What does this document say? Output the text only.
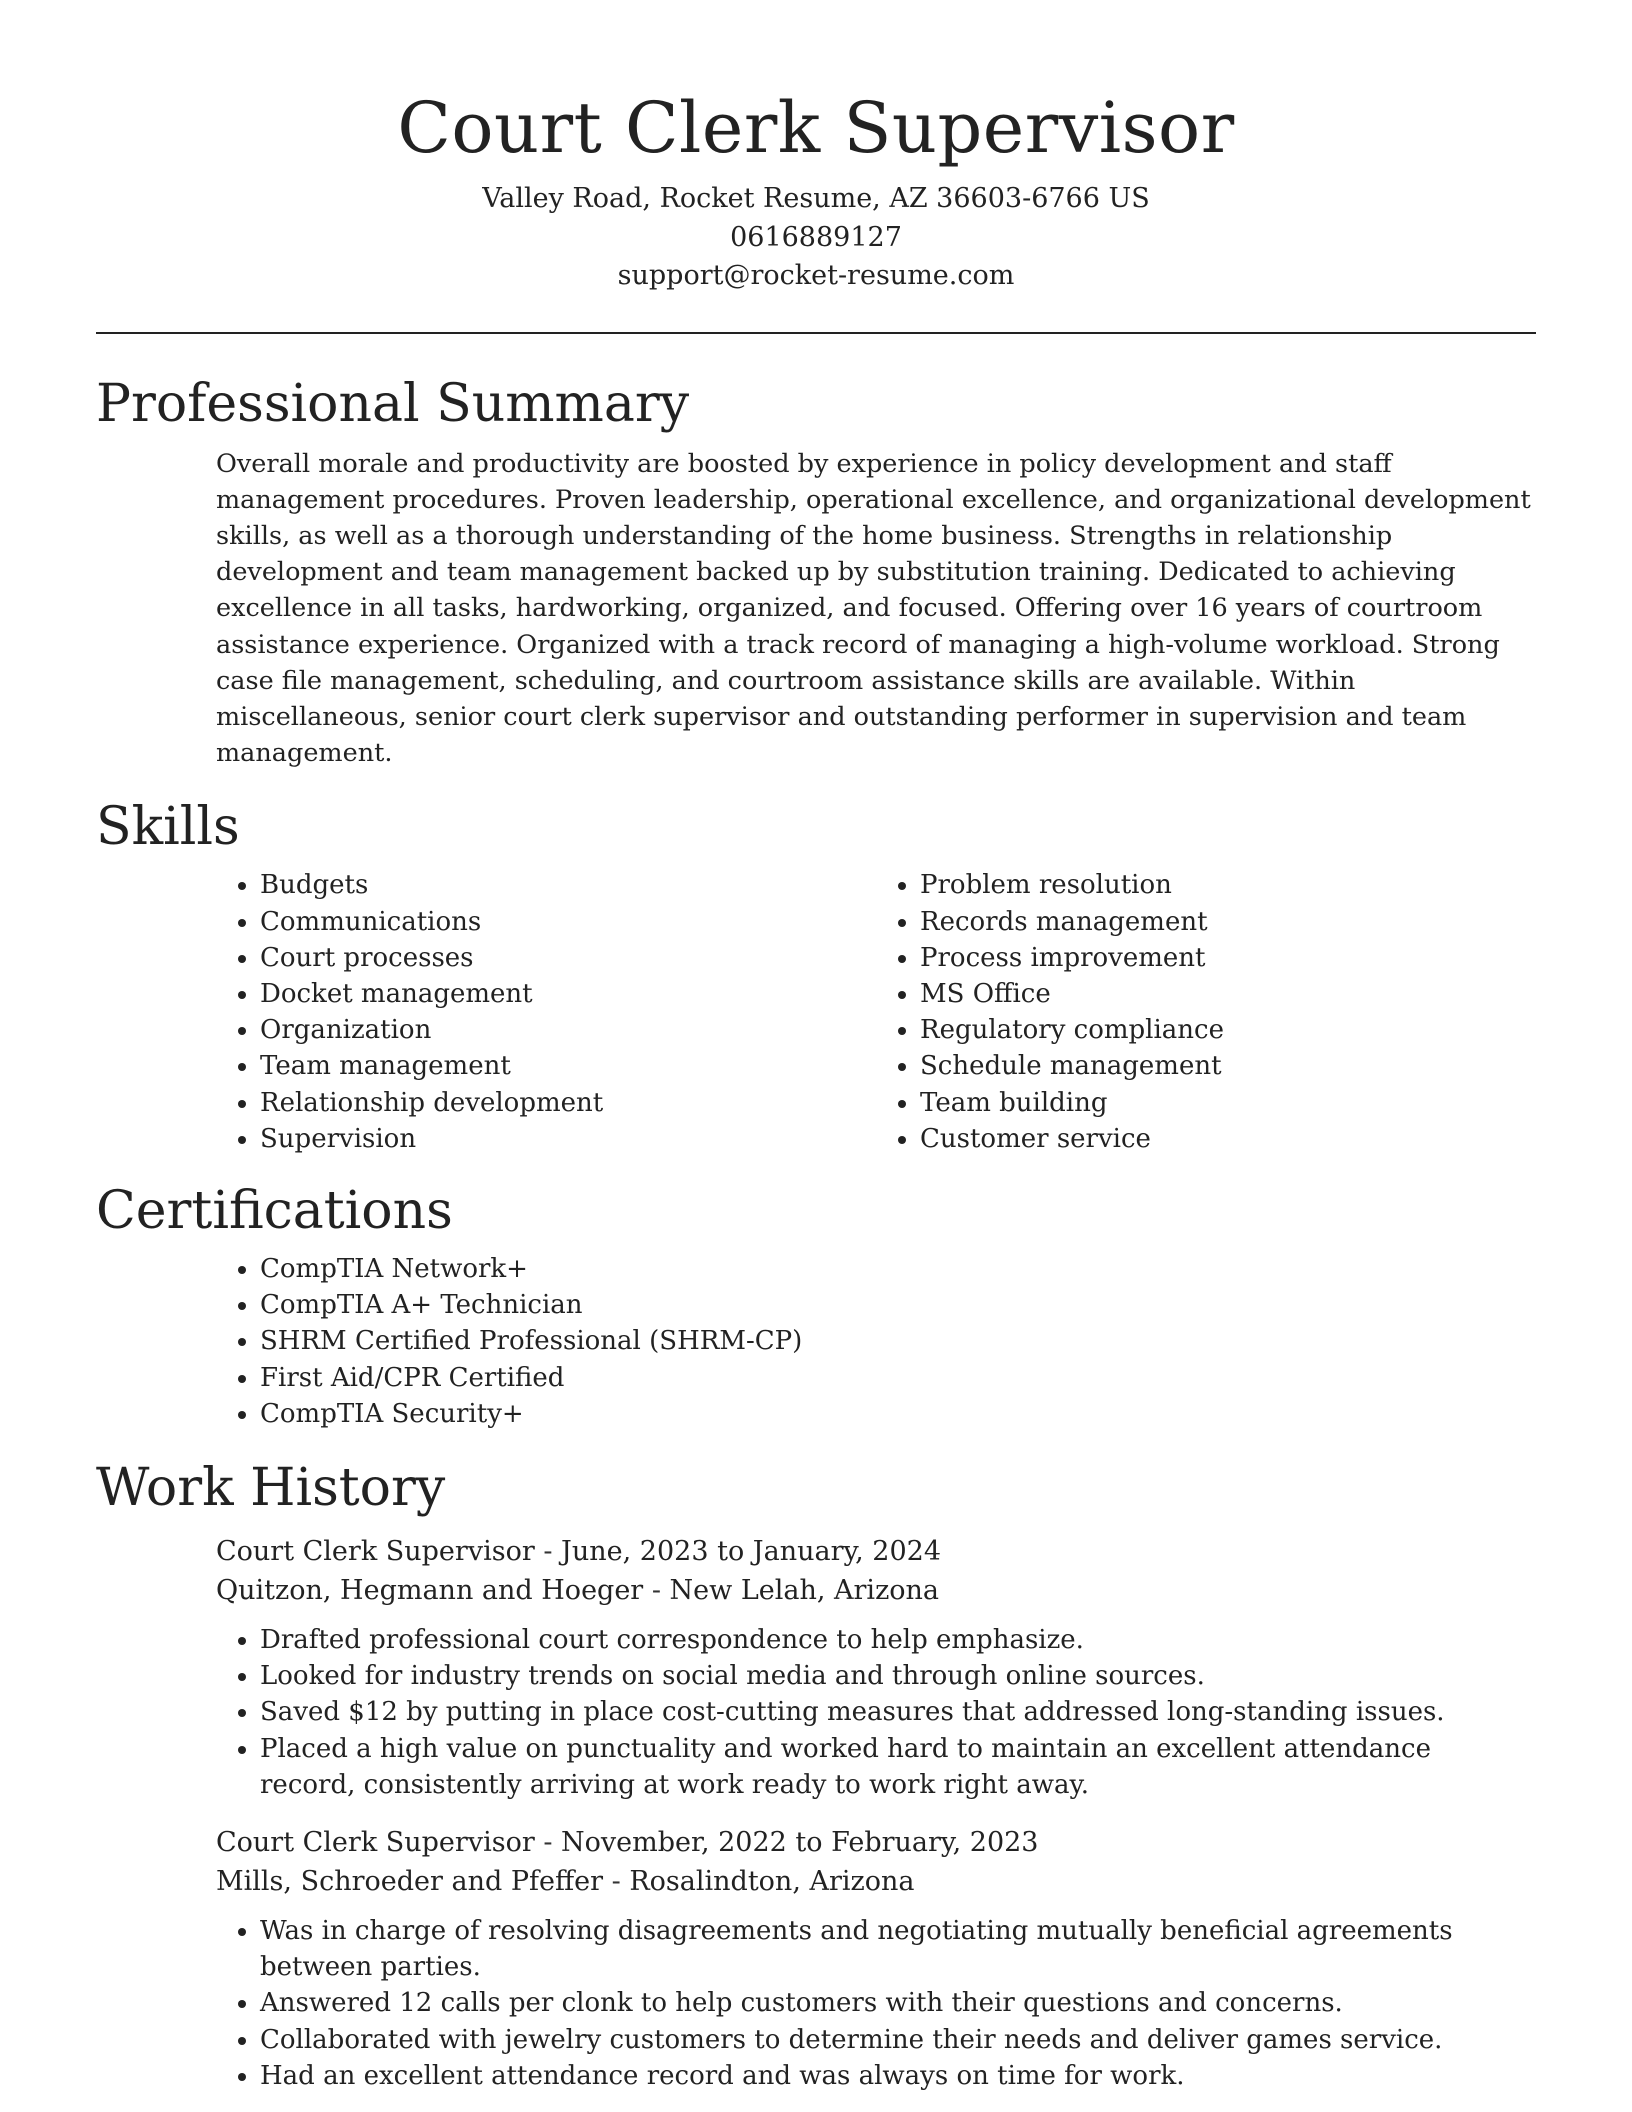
Court Clerk Supervisor
Valley Road, Rocket Resume, AZ 36603-6766 US
0616889127
support@rocket-resume.com
Professional Summary

Overall morale and productivity are boosted by experience in policy development and staff management procedures. Proven leadership, operational excellence, and organizational development skills, as well as a thorough understanding of the home business. Strengths in relationship development and team management backed up by substitution training. Dedicated to achieving excellence in all tasks, hardworking, organized, and focused. Offering over 16 years of courtroom assistance experience. Organized with a track record of managing a high-volume workload. Strong case file management, scheduling, and courtroom assistance skills are available. Within miscellaneous, senior court clerk supervisor and outstanding performer in supervision and team management.

Skills
• Budgets
• Communications
• Court processes
• Docket management
• Organization
• Team management
• Relationship development
• Supervision
• Problem resolution
• Records management
• Process improvement
• MS Office
• Regulatory compliance
• Schedule management
• Team building
• Customer service
Certifications
• CompTIA Network+
• CompTIA A+ Technician
• SHRM Certified Professional (SHRM-CP)
• First Aid/CPR Certified
• CompTIA Security+
Work History
Court Clerk Supervisor - June, 2023 to January, 2024
Quitzon, Hegmann and Hoeger - New Lelah, Arizona
• Drafted professional court correspondence to help emphasize.
• Looked for industry trends on social media and through online sources.
• Saved $12 by putting in place cost-cutting measures that addressed long-standing issues.
• Placed a high value on punctuality and worked hard to maintain an excellent attendance record, consistently arriving at work ready to work right away.
Court Clerk Supervisor - November, 2022 to February, 2023
Mills, Schroeder and Pfeffer - Rosalindton, Arizona
• Was in charge of resolving disagreements and negotiating mutually beneficial agreements between parties.
• Answered 12 calls per clonk to help customers with their questions and concerns.
• Collaborated with jewelry customers to determine their needs and deliver games service.
• Had an excellent attendance record and was always on time for work.
